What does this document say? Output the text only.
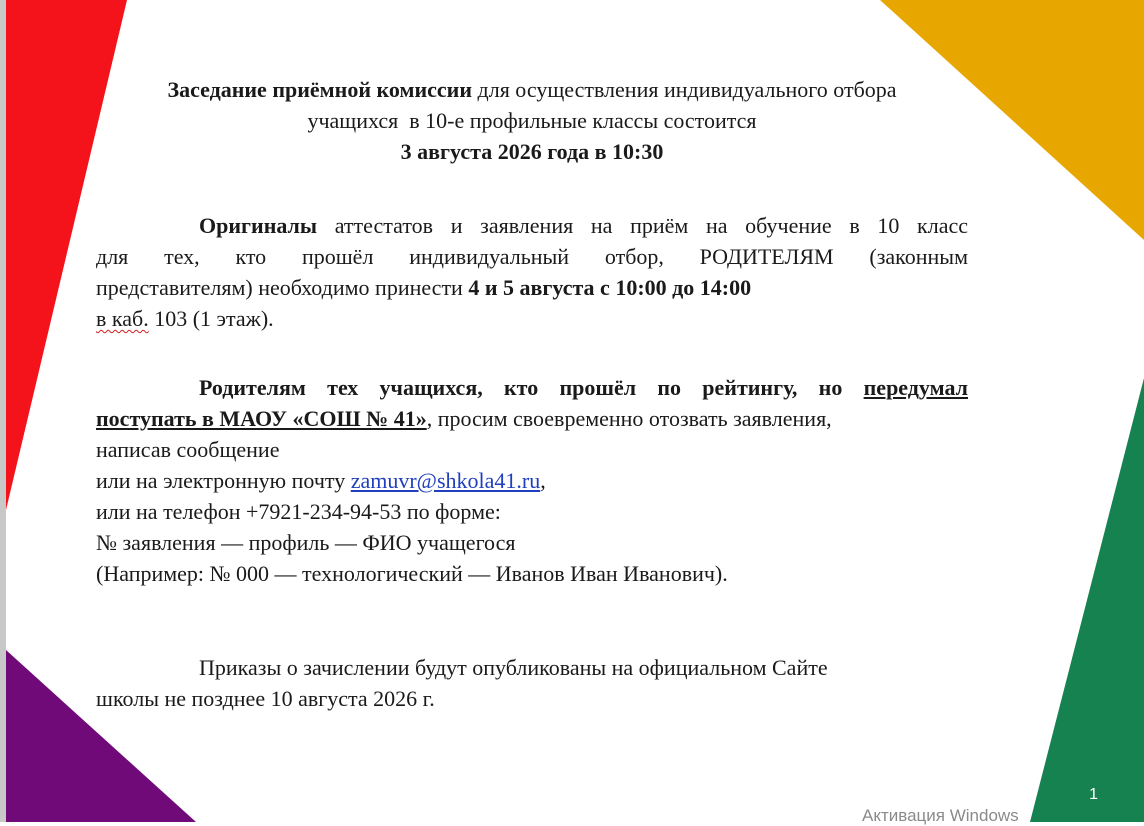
Заседание приёмной комиссии для осуществления индивидуального отбора

учащихся  в 10-е профильные классы состоится

3 августа 2026 года в 10:30

Оригиналы аттестатов и заявления на приём на обучение в 10 класс

для тех, кто прошёл индивидуальный отбор, РОДИТЕЛЯМ (законным

представителям) необходимо принести 4 и 5 августа с 10:00 до 14:00

в каб. 103 (1 этаж).

Родителям тех учащихся, кто прошёл по рейтингу, но передумал

поступать в МАОУ «СОШ № 41», просим своевременно отозвать заявления,

написав сообщение

или на электронную почту zamuvr@shkola41.ru,

или на телефон +7921-234-94-53 по форме:

№ заявления — профиль — ФИО учащегося

(Например: № 000 — технологический — Иванов Иван Иванович).

Приказы о зачислении будут опубликованы на официальном Сайте

школы не позднее 10 августа 2026 г.

1
Активация Windows
